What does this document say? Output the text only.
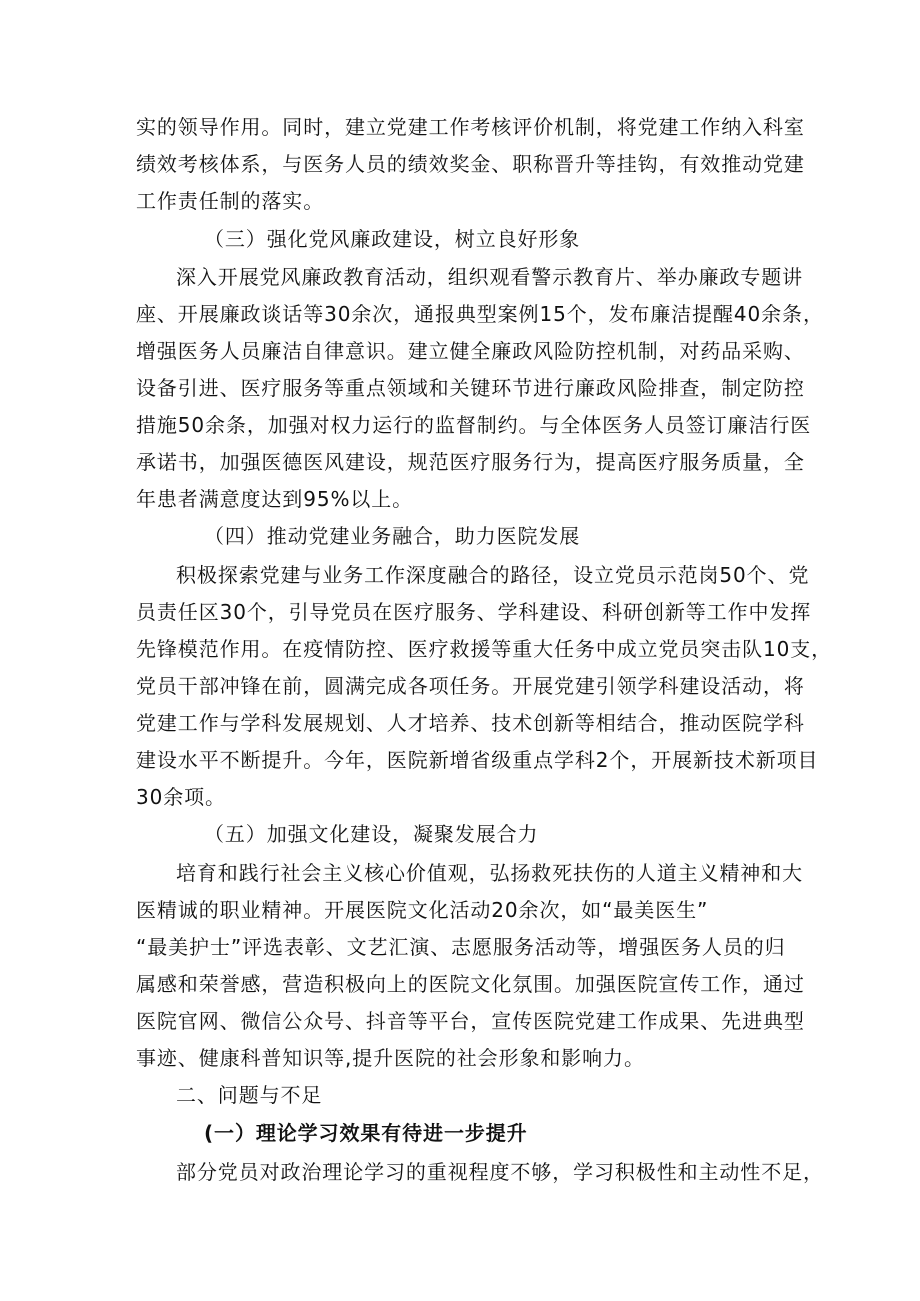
实的领导作用。同时，建立党建工作考核评价机制，将党建工作纳入科室
绩效考核体系，与医务人员的绩效奖金、职称晋升等挂钩，有效推动党建
工作责任制的落实。
（三）强化党风廉政建设，树立良好形象
深入开展党风廉政教育活动，组织观看警示教育片、举办廉政专题讲
座、开展廉政谈话等30余次，通报典型案例15个，发布廉洁提醒40余条，
增强医务人员廉洁自律意识。建立健全廉政风险防控机制，对药品采购、
设备引进、医疗服务等重点领域和关键环节进行廉政风险排查，制定防控
措施50余条，加强对权力运行的监督制约。与全体医务人员签订廉洁行医
承诺书，加强医德医风建设，规范医疗服务行为，提高医疗服务质量，全
年患者满意度达到95%以上。
（四）推动党建业务融合，助力医院发展
积极探索党建与业务工作深度融合的路径，设立党员示范岗50个、党
员责任区30个，引导党员在医疗服务、学科建设、科研创新等工作中发挥
先锋模范作用。在疫情防控、医疗救援等重大任务中成立党员突击队10支，
党员干部冲锋在前，圆满完成各项任务。开展党建引领学科建设活动，将
党建工作与学科发展规划、人才培养、技术创新等相结合，推动医院学科
建设水平不断提升。今年，医院新增省级重点学科2个，开展新技术新项目
30余项。
（五）加强文化建设，凝聚发展合力
培育和践行社会主义核心价值观，弘扬救死扶伤的人道主义精神和大
医精诚的职业精神。开展医院文化活动20余次，如“最美医生”
“最美护士”评选表彰、文艺汇演、志愿服务活动等，增强医务人员的归
属感和荣誉感，营造积极向上的医院文化氛围。加强医院宣传工作，通过
医院官网、微信公众号、抖音等平台，宣传医院党建工作成果、先进典型
事迹、健康科普知识等,提升医院的社会形象和影响力。
二、问题与不足
(一）理论学习效果有待进一步提升
部分党员对政治理论学习的重视程度不够，学习积极性和主动性不足，
